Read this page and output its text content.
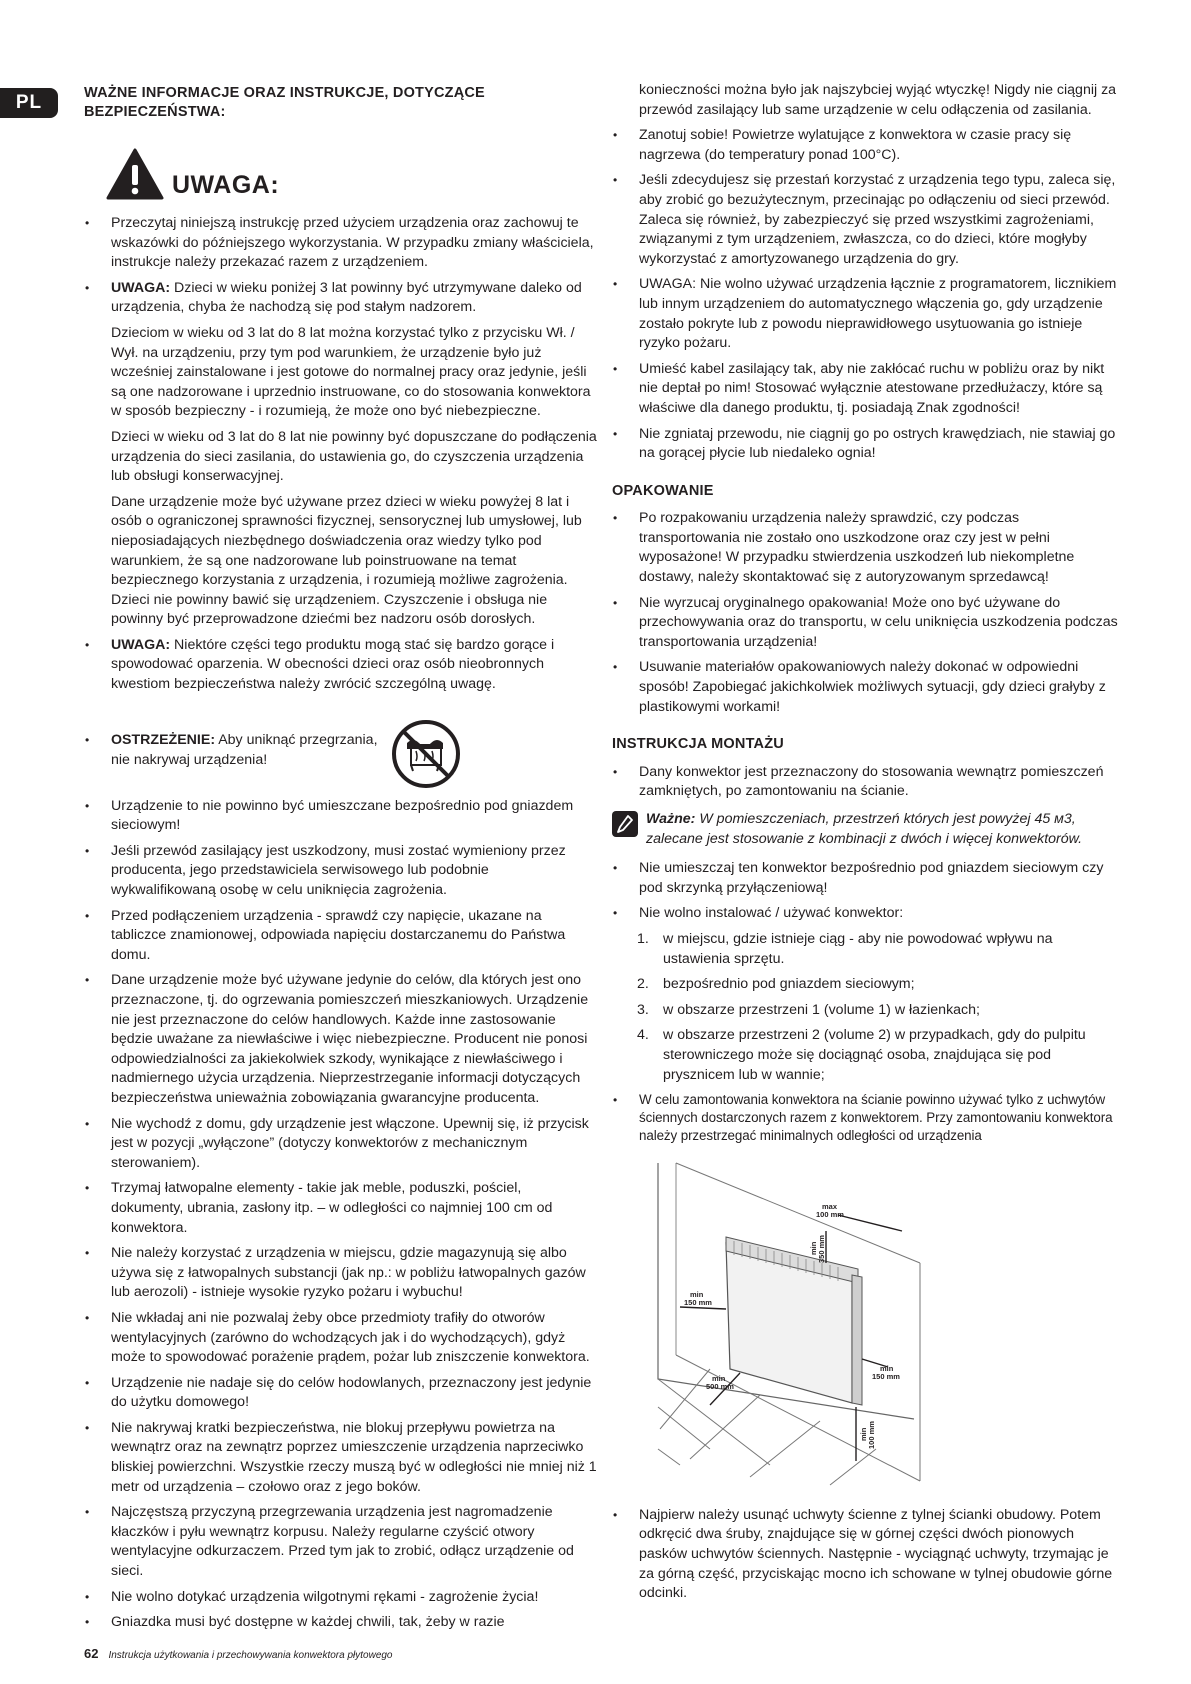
PL	WAŻNE INFORMACJE ORAZ INSTRUKCJE, DOTYCZĄCE BEZPIECZEŃSTWA:
UWAGA:
• Przeczytaj niniejszą instrukcję przed użyciem urządzenia oraz zachowuj te wskazówki do późniejszego wykorzystania. W przypadku zmiany właściciela, instrukcje należy przekazać razem z urządzeniem.
• UWAGA: Dzieci w wieku poniżej 3 lat powinny być utrzymywane daleko od urządzenia, chyba że nachodzą się pod stałym nadzorem.
Dzieciom w wieku od 3 lat do 8 lat można korzystać tylko z przycisku Wł. / Wył. na urządzeniu, przy tym pod warunkiem, że urządzenie było już wcześniej zainstalowane i jest gotowe do normalnej pracy oraz jedynie, jeśli są one nadzorowane i uprzednio instruowane, co do stosowania konwektora w sposób bezpieczny - i rozumieją, że może ono być niebezpieczne.
Dzieci w wieku od 3 lat do 8 lat nie powinny być dopuszczane do podłączenia urządzenia do sieci zasilania, do ustawienia go, do czyszczenia urządzenia lub obsługi konserwacyjnej.
Dane urządzenie może być używane przez dzieci w wieku powyżej 8 lat i osób o ograniczonej sprawności fizycznej, sensorycznej lub umysłowej, lub nieposiadających niezbędnego doświadczenia oraz wiedzy tylko pod warunkiem, że są one nadzorowane lub poinstruowane na temat bezpiecznego korzystania z urządzenia, i rozumieją możliwe zagrożenia. Dzieci nie powinny bawić się urządzeniem. Czyszczenie i obsługa nie powinny być przeprowadzone dziećmi bez nadzoru osób dorosłych.
• UWAGA: Niektóre części tego produktu mogą stać się bardzo gorące i spowodować oparzenia. W obecności dzieci oraz osób nieobronnych kwestiom bezpieczeństwa należy zwrócić szczególną uwagę.
• OSTRZEŻENIE: Aby uniknąć przegrzania, nie nakrywaj urządzenia!
• Urządzenie to nie powinno być umieszczane bezpośrednio pod gniazdem sieciowym!
• Jeśli przewód zasilający jest uszkodzony, musi zostać wymieniony przez producenta, jego przedstawiciela serwisowego lub podobnie wykwalifikowaną osobę w celu uniknięcia zagrożenia.
• Przed podłączeniem urządzenia - sprawdź czy napięcie, ukazane na tabliczce znamionowej, odpowiada napięciu dostarczanemu do Państwa domu.
• Dane urządzenie może być używane jedynie do celów, dla których jest ono przeznaczone, tj. do ogrzewania pomieszczeń mieszkaniowych. Urządzenie nie jest przeznaczone do celów handlowych. Każde inne zastosowanie będzie uważane za niewłaściwe i więc niebezpieczne. Producent nie ponosi odpowiedzialności za jakiekolwiek szkody, wynikające z niewłaściwego i nadmiernego użycia urządzenia. Nieprzestrzeganie informacji dotyczących bezpieczeństwa unieważnia zobowiązania gwarancyjne producenta.
• Nie wychodź z domu, gdy urządzenie jest włączone. Upewnij się, iż przycisk jest w pozycji „wyłączone” (dotyczy konwektorów z mechanicznym sterowaniem).
• Trzymaj łatwopalne elementy - takie jak meble, poduszki, pościel, dokumenty, ubrania, zasłony itp. – w odległości co najmniej 100 cm od konwektora.
• Nie należy korzystać z urządzenia w miejscu, gdzie magazynują się albo używa się z łatwopalnych substancji (jak np.: w pobliżu łatwopalnych gazów lub aerozoli) - istnieje wysokie ryzyko pożaru i wybuchu!
• Nie wkładaj ani nie pozwalaj żeby obce przedmioty trafiły do otworów wentylacyjnych (zarówno do wchodzących jak i do wychodzących), gdyż może to spowodować porażenie prądem, pożar lub zniszczenie konwektora.
• Urządzenie nie nadaje się do celów hodowlanych, przeznaczony jest jedynie do użytku domowego!
• Nie nakrywaj kratki bezpieczeństwa, nie blokuj przepływu powietrza na wewnątrz oraz na zewnątrz poprzez umieszczenie urządzenia naprzeciwko bliskiej powierzchni. Wszystkie rzeczy muszą być w odległości nie mniej niż 1 metr od urządzenia – czołowo oraz z jego boków.
• Najczęstszą przyczyną przegrzewania urządzenia jest nagromadzenie kłaczków i pyłu wewnątrz korpusu. Należy regularne czyścić otwory wentylacyjne odkurzaczem. Przed tym jak to zrobić, odłącz urządzenie od sieci.
• Nie wolno dotykać urządzenia wilgotnymi rękami - zagrożenie życia!
• Gniazdka musi być dostępne w każdej chwili, tak, żeby w razie
konieczności można było jak najszybciej wyjąć wtyczkę! Nigdy nie ciągnij za przewód zasilający lub same urządzenie w celu odłączenia od zasilania.
• Zanotuj sobie! Powietrze wylatujące z konwektora w czasie pracy się nagrzewa (do temperatury ponad 100°C).
• Jeśli zdecydujesz się przestań korzystać z urządzenia tego typu, zaleca się, aby zrobić go bezużytecznym, przecinając po odłączeniu od sieci przewód. Zaleca się również, by zabezpieczyć się przed wszystkimi zagrożeniami, związanymi z tym urządzeniem, zwłaszcza, co do dzieci, które mogłyby wykorzystać z amortyzowanego urządzenia do gry.
• UWAGA: Nie wolno używać urządzenia łącznie z programatorem, licznikiem lub innym urządzeniem do automatycznego włączenia go, gdy urządzenie zostało pokryte lub z powodu nieprawidłowego usytuowania go istnieje ryzyko pożaru.
• Umieść kabel zasilający tak, aby nie zakłócać ruchu w pobliżu oraz by nikt nie deptał po nim! Stosować wyłącznie atestowane przedłużaczy, które są właściwe dla danego produktu, tj. posiadają Znak zgodności!
• Nie zgniataj przewodu, nie ciągnij go po ostrych krawędziach, nie stawiaj go na gorącej płycie lub niedaleko ognia!
OPAKOWANIE
• Po rozpakowaniu urządzenia należy sprawdzić, czy podczas transportowania nie zostało ono uszkodzone oraz czy jest w pełni wyposażone! W przypadku stwierdzenia uszkodzeń lub niekompletne dostawy, należy skontaktować się z autoryzowanym sprzedawcą!
• Nie wyrzucaj oryginalnego opakowania! Może ono być używane do przechowywania oraz do transportu, w celu uniknięcia uszkodzenia podczas transportowania urządzenia!
• Usuwanie materiałów opakowaniowych należy dokonać w odpowiedni sposób! Zapobiegać jakichkolwiek możliwych sytuacji, gdy dzieci grałyby z plastikowymi workami!
INSTRUKCJA MONTAŻU
• Dany konwektor jest przeznaczony do stosowania wewnątrz pomieszczeń zamkniętych, po zamontowaniu na ścianie.
Ważne: W pomieszczeniach, przestrzeń których jest powyżej 45 м3, zalecane jest stosowanie z kombinacji z dwóch i więcej konwektorów.
• Nie umieszczaj ten konwektor bezpośrednio pod gniazdem sieciowym czy pod skrzynką przyłączeniową!
• Nie wolno instalować / używać konwektor:
1. w miejscu, gdzie istnieje ciąg - aby nie powodować wpływu na ustawienia sprzętu.
2. bezpośrednio pod gniazdem sieciowym;
3. w obszarze przestrzeni 1 (volume 1) w łazienkach;
4. w obszarze przestrzeni 2 (volume 2) w przypadkach, gdy do pulpitu sterowniczego może się dociągnąć osoba, znajdująca się pod prysznicem lub w wannie;
• W celu zamontowania konwektora na ścianie powinno używać tylko z uchwytów ściennych dostarczonych razem z konwektorem. Przy zamontowaniu konwektora należy przestrzegać minimalnych odległości od urządzenia
max
100 mm
min 350 mm
min
150 mm
min
500 mm
min
150 mm
min 100 mm
• Najpierw należy usunąć uchwyty ścienne z tylnej ścianki obudowy. Potem odkręcić dwa śruby, znajdujące się w górnej części dwóch pionowych pasków uchwytów ściennych. Następnie - wyciągnąć uchwyty, trzymając je za górną część, przyciskając mocno ich schowane w tylnej obudowie górne odcinki.
62 Instrukcja użytkowania i przechowywania konwektora płytowego
